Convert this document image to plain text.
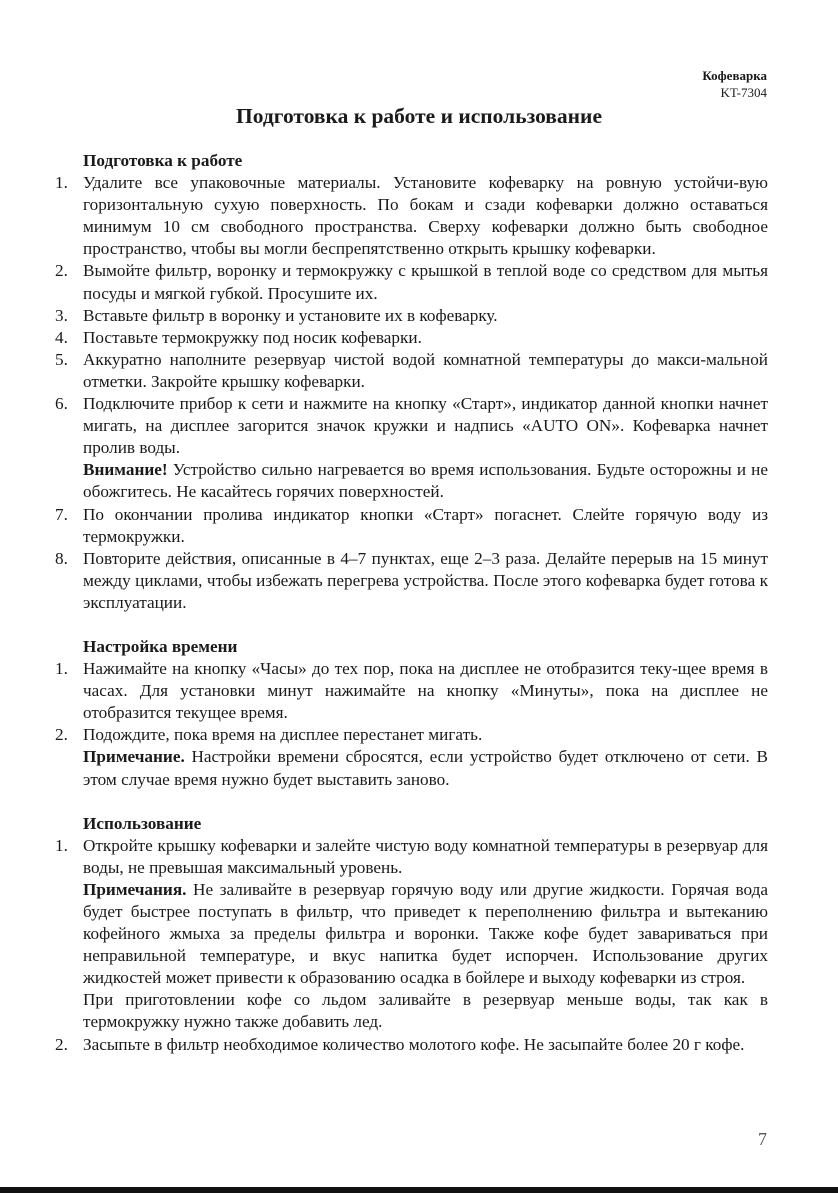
Кофеварка
KT-7304
Подготовка к работе и использование
Подготовка к работе
1. Удалите все упаковочные материалы. Установите кофеварку на ровную устойчи-вую горизонтальную сухую поверхность. По бокам и сзади кофеварки должно оставаться минимум 10 см свободного пространства. Сверху кофеварки должно быть свободное пространство, чтобы вы могли беспрепятственно открыть крышку кофеварки.
2. Вымойте фильтр, воронку и термокружку с крышкой в теплой воде со средством для мытья посуды и мягкой губкой. Просушите их.
3. Вставьте фильтр в воронку и установите их в кофеварку.
4. Поставьте термокружку под носик кофеварки.
5. Аккуратно наполните резервуар чистой водой комнатной температуры до макси-мальной отметки. Закройте крышку кофеварки.
6. Подключите прибор к сети и нажмите на кнопку «Старт», индикатор данной кнопки начнет мигать, на дисплее загорится значок кружки и надпись «AUTO ON». Кофеварка начнет пролив воды.
Внимание! Устройство сильно нагревается во время использования. Будьте осторожны и не обожгитесь. Не касайтесь горячих поверхностей.
7. По окончании пролива индикатор кнопки «Старт» погаснет. Слейте горячую воду из термокружки.
8. Повторите действия, описанные в 4–7 пунктах, еще 2–3 раза. Делайте перерыв на 15 минут между циклами, чтобы избежать перегрева устройства. После этого кофеварка будет готова к эксплуатации.
Настройка времени
1. Нажимайте на кнопку «Часы» до тех пор, пока на дисплее не отобразится теку-щее время в часах. Для установки минут нажимайте на кнопку «Минуты», пока на дисплее не отобразится текущее время.
2. Подождите, пока время на дисплее перестанет мигать.
Примечание. Настройки времени сбросятся, если устройство будет отключено от сети. В этом случае время нужно будет выставить заново.
Использование
1. Откройте крышку кофеварки и залейте чистую воду комнатной температуры в резервуар для воды, не превышая максимальный уровень.
Примечания. Не заливайте в резервуар горячую воду или другие жидкости. Горячая вода будет быстрее поступать в фильтр, что приведет к переполнению фильтра и вытеканию кофейного жмыха за пределы фильтра и воронки. Также кофе будет завариваться при неправильной температуре, и вкус напитка будет испорчен. Использование других жидкостей может привести к образованию осадка в бойлере и выходу кофеварки из строя.
При приготовлении кофе со льдом заливайте в резервуар меньше воды, так как в термокружку нужно также добавить лед.
2. Засыпьте в фильтр необходимое количество молотого кофе. Не засыпайте более 20 г кофе.
7
